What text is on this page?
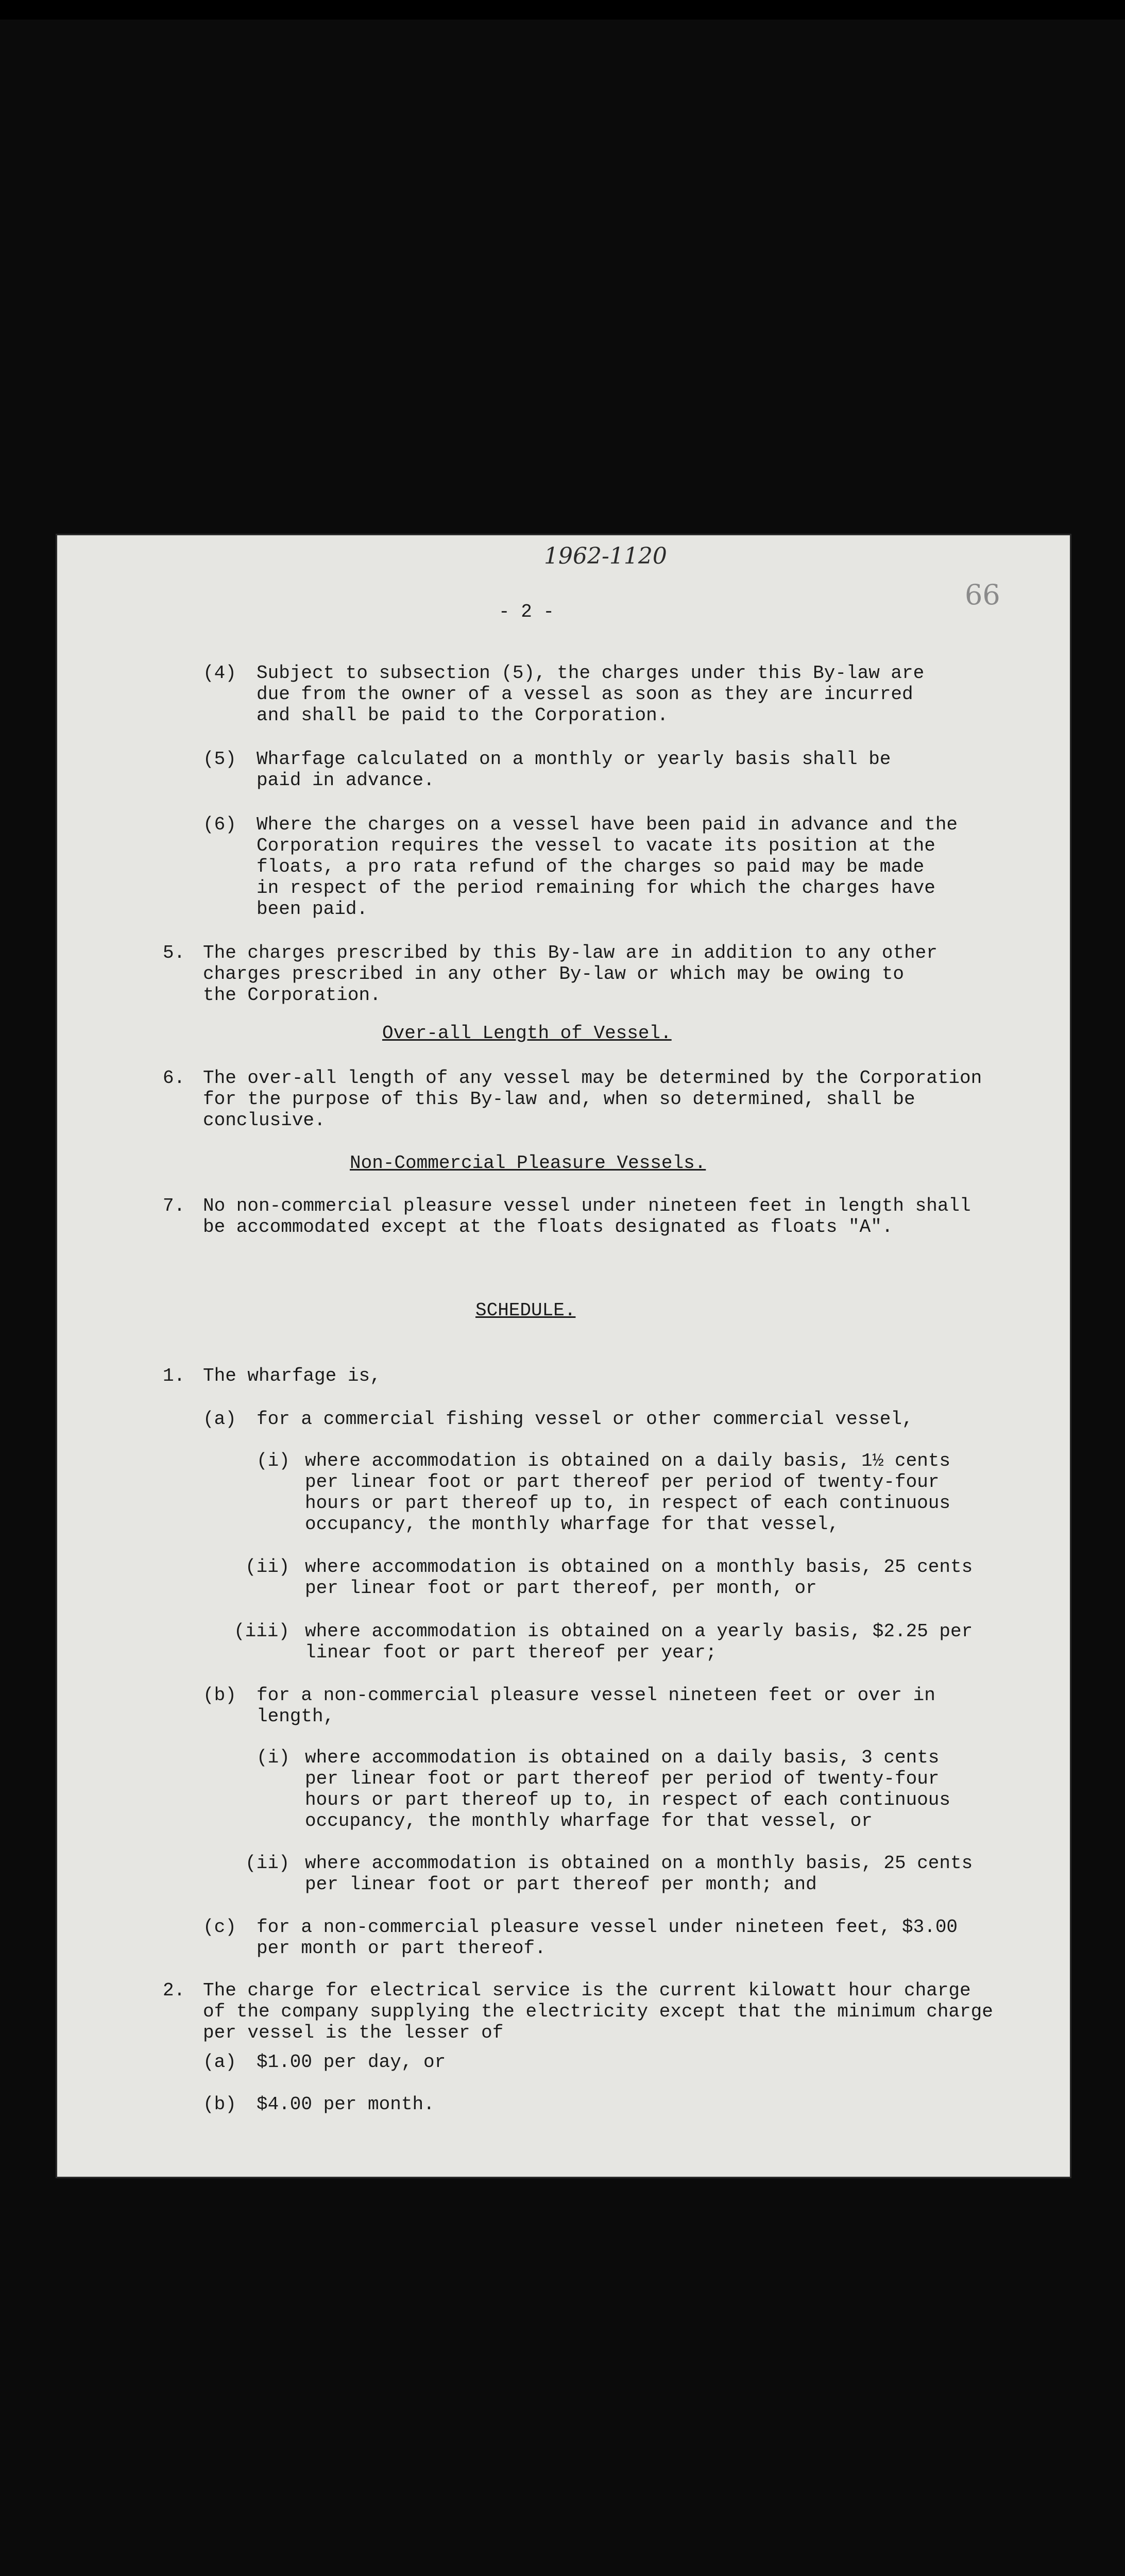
1962-1120
66
- 2 -
(4) Subject to subsection (5), the charges under this By-law are
due from the owner of a vessel as soon as they are incurred
and shall be paid to the Corporation.
(5) Wharfage calculated on a monthly or yearly basis shall be
paid in advance.
(6) Where the charges on a vessel have been paid in advance and the
Corporation requires the vessel to vacate its position at the
floats, a pro rata refund of the charges so paid may be made
in respect of the period remaining for which the charges have
been paid.
5. The charges prescribed by this By-law are in addition to any other
charges prescribed in any other By-law or which may be owing to
the Corporation.
Over-all Length of Vessel.
6. The over-all length of any vessel may be determined by the Corporation
for the purpose of this By-law and, when so determined, shall be
conclusive.
Non-Commercial Pleasure Vessels.
7. No non-commercial pleasure vessel under nineteen feet in length shall
be accommodated except at the floats designated as floats "A".
SCHEDULE.
1. The wharfage is,
(a) for a commercial fishing vessel or other commercial vessel,
(i) where accommodation is obtained on a daily basis, 1½ cents
per linear foot or part thereof per period of twenty-four
hours or part thereof up to, in respect of each continuous
occupancy, the monthly wharfage for that vessel,
(ii) where accommodation is obtained on a monthly basis, 25 cents
per linear foot or part thereof, per month, or
(iii) where accommodation is obtained on a yearly basis, $2.25 per
linear foot or part thereof per year;
(b) for a non-commercial pleasure vessel nineteen feet or over in
length,
(i) where accommodation is obtained on a daily basis, 3 cents
per linear foot or part thereof per period of twenty-four
hours or part thereof up to, in respect of each continuous
occupancy, the monthly wharfage for that vessel, or
(ii) where accommodation is obtained on a monthly basis, 25 cents
per linear foot or part thereof per month; and
(c) for a non-commercial pleasure vessel under nineteen feet, $3.00
per month or part thereof.
2. The charge for electrical service is the current kilowatt hour charge
of the company supplying the electricity except that the minimum charge
per vessel is the lesser of
(a) $1.00 per day, or
(b) $4.00 per month.
